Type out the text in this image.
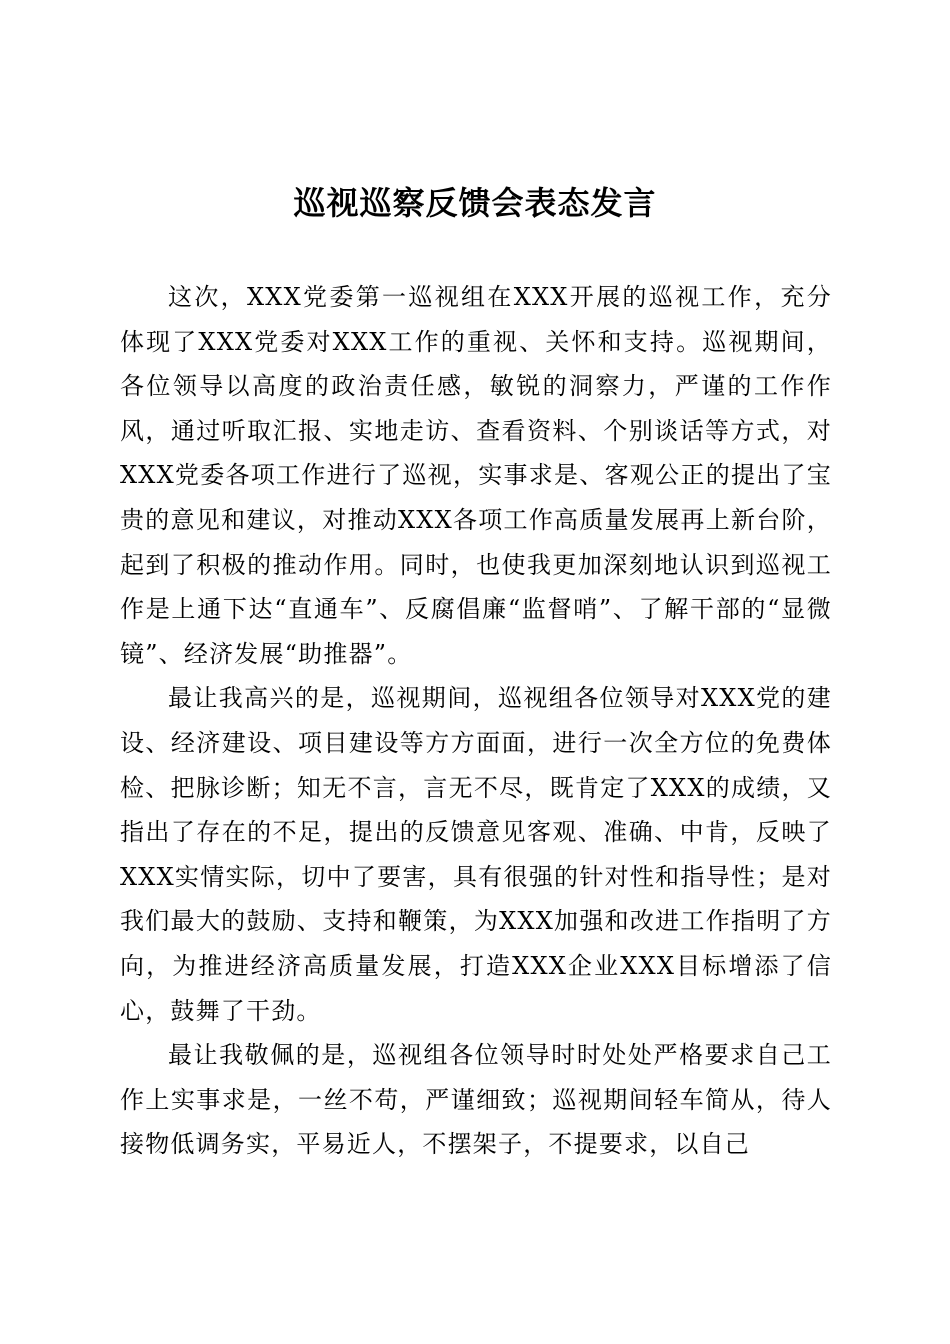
巡视巡察反馈会表态发言

这次，XXX党委第一巡视组在XXX开展的巡视工作，充分体现了XXX党委对XXX工作的重视、关怀和支持。巡视期间，各位领导以高度的政治责任感，敏锐的洞察力，严谨的工作作风，通过听取汇报、实地走访、查看资料、个别谈话等方式，对XXX党委各项工作进行了巡视，实事求是、客观公正的提出了宝贵的意见和建议，对推动XXX各项工作高质量发展再上新台阶，起到了积极的推动作用。同时，也使我更加深刻地认识到巡视工作是上通下达“直通车”、反腐倡廉“监督哨”、了解干部的“显微镜”、经济发展“助推器”。

最让我高兴的是，巡视期间，巡视组各位领导对XXX党的建设、经济建设、项目建设等方方面面，进行一次全方位的免费体检、把脉诊断；知无不言，言无不尽，既肯定了XXX的成绩，又指出了存在的不足，提出的反馈意见客观、准确、中肯，反映了XXX实情实际，切中了要害，具有很强的针对性和指导性；是对我们最大的鼓励、支持和鞭策，为XXX加强和改进工作指明了方向，为推进经济高质量发展，打造XXX企业XXX目标增添了信心，鼓舞了干劲。

最让我敬佩的是，巡视组各位领导时时处处严格要求自己工作上实事求是，一丝不苟，严谨细致；巡视期间轻车简从，待人接物低调务实，平易近人，不摆架子，不提要求，以自己
